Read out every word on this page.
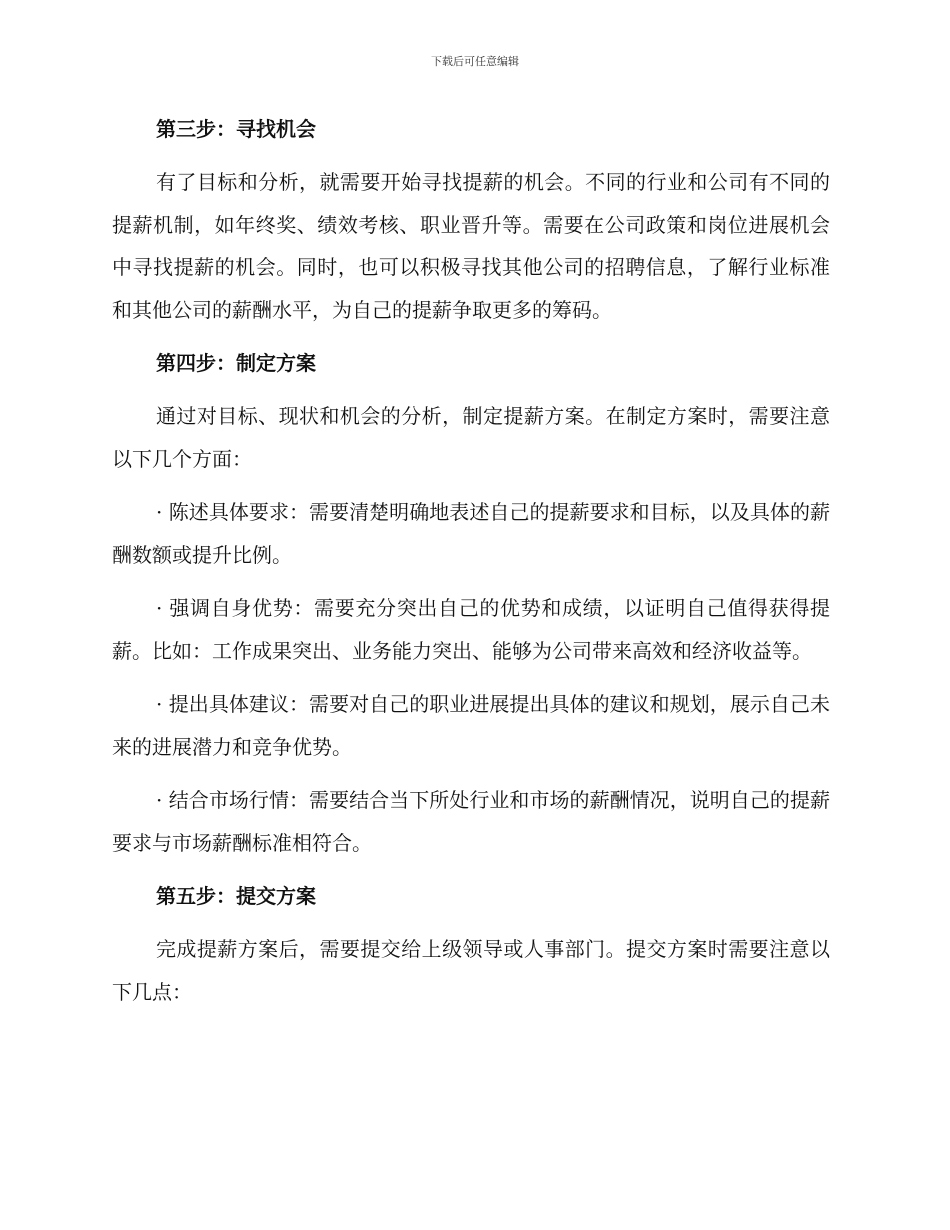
下载后可任意编辑
第三步：寻找机会

有了目标和分析，就需要开始寻找提薪的机会。不同的行业和公司有不同的提薪机制，如年终奖、绩效考核、职业晋升等。需要在公司政策和岗位进展机会中寻找提薪的机会。同时，也可以积极寻找其他公司的招聘信息，了解行业标准和其他公司的薪酬水平，为自己的提薪争取更多的筹码。

第四步：制定方案

通过对目标、现状和机会的分析，制定提薪方案。在制定方案时，需要注意以下几个方面：

· 陈述具体要求：需要清楚明确地表述自己的提薪要求和目标，以及具体的薪酬数额或提升比例。

· 强调自身优势：需要充分突出自己的优势和成绩，以证明自己值得获得提薪。比如：工作成果突出、业务能力突出、能够为公司带来高效和经济收益等。

· 提出具体建议：需要对自己的职业进展提出具体的建议和规划，展示自己未来的进展潜力和竞争优势。

· 结合市场行情：需要结合当下所处行业和市场的薪酬情况，说明自己的提薪要求与市场薪酬标准相符合。

第五步：提交方案

完成提薪方案后，需要提交给上级领导或人事部门。提交方案时需要注意以下几点：
